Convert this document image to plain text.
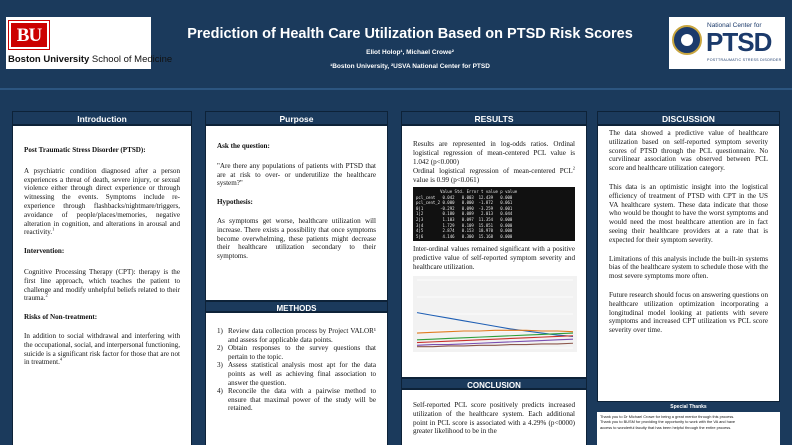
BU
Boston University School of Medicine
Prediction of Health Care Utilization Based on PTSD Risk Scores
Eliot Holop¹, Michael Crowe²
¹Boston University, ²USVA National Center for PTSD
National Center for
PTSD
POSTTRAUMATIC STRESS DISORDER
Introduction

Post Traumatic Stress Disorder (PTSD):

A psychiatric condition diagnosed after a person experiences a threat of death, severe injury, or sexual violence either through direct experience or through witnessing the events. Symptoms include re-experience through flashbacks/nightmare/triggers, avoidance of people/places/memories, negative alteration in cognition, and alterations in arousal and reactivity.$^1$

Intervention:

Cognitive Processing Therapy (CPT): therapy is the first line approach, which teaches the patient to challenge and modify unhelpful beliefs related to their trauma.$^2$

Risks of Non-treatment:

In addition to social withdrawal and interfering with the occupational, social, and interpersonal functioning, suicide is a significant risk factor for those that are not in treatment.$^4$

Purpose

Ask the question:

"Are there any populations of patients with PTSD that are at risk to over- or underutilize the healthcare system?"

Hypothesis:

As symptoms get worse, healthcare utilization will increase. There exists a possibility that once symptoms become overwhelming, these patients might decrease their healthcare utilization secondary to their symptoms.

METHODS
1) Review data collection process by Project VALOR¹ and assess for applicable data points.
2) Obtain responses to the survey questions that pertain to the topic.
3) Assess statistical analysis most apt for the data points as well as achieving final association to answer the question.
4) Reconcile the data with a pairwise method to ensure that maximal power of the study will be retained.
RESULTS

Results are represented in log-odds ratios. Ordinal logistical regression of mean-centered PCL value is 1.042 (p<0.000)

Ordinal logistical regression of mean-centered PCL$^2$ value is 0.99 (p<0.061)

Value Std. Error t value p value
pcl_cent   0.042   0.003  12.439   0.000
pcl_cent_2 0.000   0.000  -1.872   0.061
0|1       -0.292   0.090  -3.259   0.001
1|2        0.180   0.089   2.013   0.044
2|3        1.103   0.097  11.354   0.000
3|4        1.729   0.109  15.851   0.000
4|5        2.874   0.153  18.970   0.000
5|6        4.146   0.300  15.168   0.000

Inter-ordinal values remained significant with a positive predictive value of self-reported symptom severity and healthcare utilization.

CONCLUSION

Self-reported PCL score positively predicts increased utilization of the healthcare system. Each additional point in PCL score is associated with a 4.29% (p<0000) greater likelihood to be in the

DISCUSSION

The data showed a predictive value of healthcare utilization based on self-reported symptom severity scores of PTSD through the PCL questionnaire. No curvilinear association was observed between PCL score and healthcare utilization category.

This data is an optimistic insight into the logistical efficiency of treatment of PTSD with CPT in the US VA healthcare system. These data indicate that those who would be thought to have the worst symptoms and would need the most healthcare attention are in fact seeing their healthcare providers at a rate that is expected for their symptom severity.

Limitations of this analysis include the built-in systems bias of the healthcare system to schedule those with the most severe symptoms more often.

Future research should focus on answering questions on healthcare utilization optimization incorporating a longitudinal model looking at patients with severe symptoms and increased CPT utilization vs PCL score severity over time.

Special Thanks
Thank you to Dr Michael Crowe for being a great mentor through this process.
Thank you to BUSM for providing the opportunity to work with the VA and have
access to wonderful faculty that has been helpful through the entire process.
